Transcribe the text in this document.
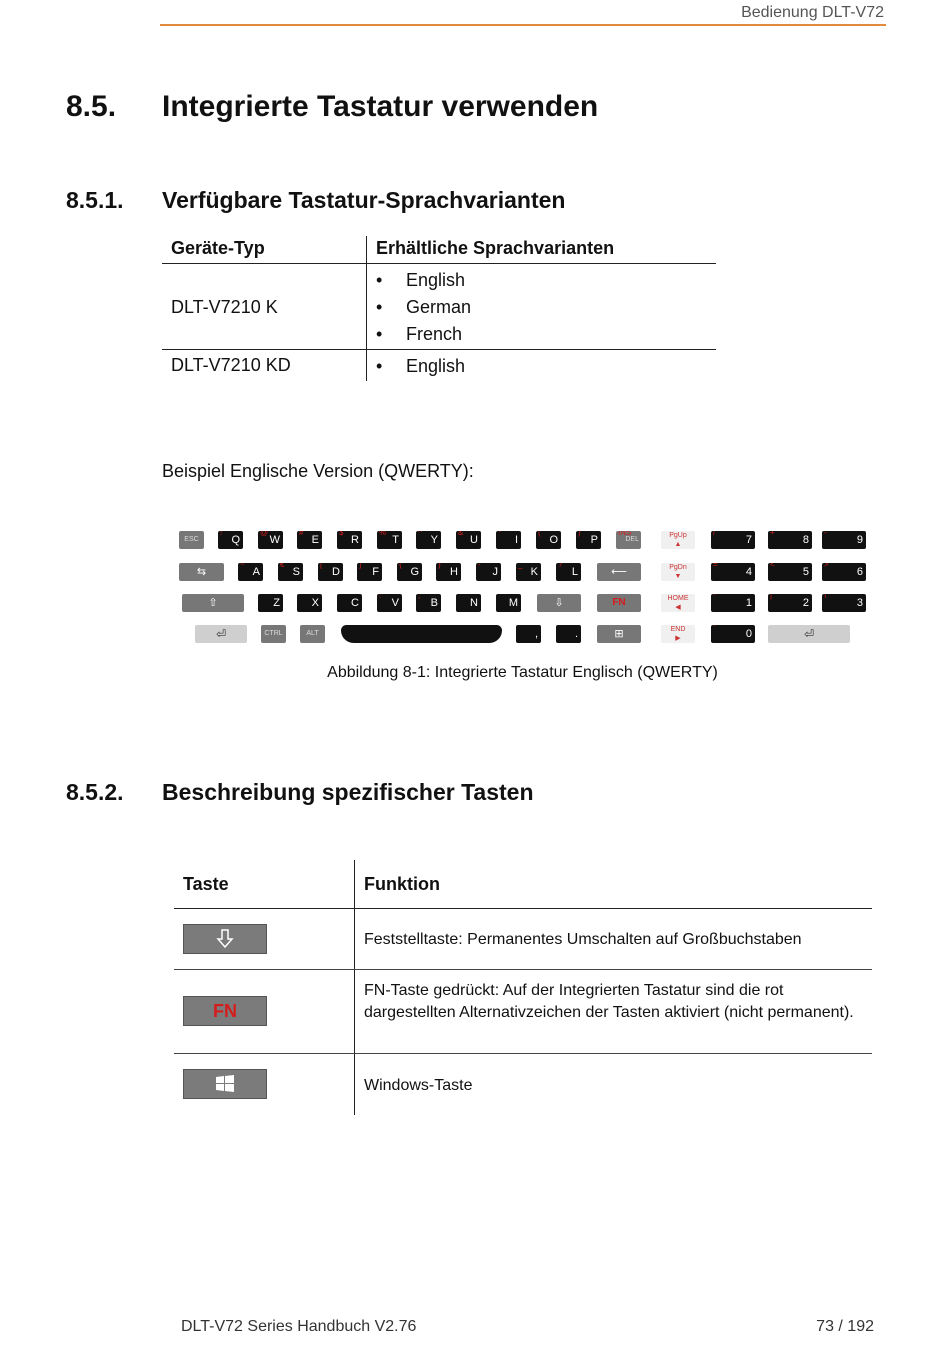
Bedienung DLT-V72
8.5. Integrierte Tastatur verwenden
8.5.1. Verfügbare Tastatur-Sprachvarianten
Geräte-Typ	Erhältliche Sprachvarianten
DLT-V7210 K
• English
• German
• French
DLT-V7210 KD	• English
Beispiel Englische Version (QWERTY):
ESC
!
Q
@
W
#
E
$
R
%
T
^
Y
&
U
*
I
(
O
)
P
INS
DEL
PgUp
▲
/
7
+
8
-
9
⇆
~
A
€
S
[
D
]
F
{
G
}
H
-
J
_
K
?
L	⟵	PgDn
▼
=
4
<
5
>
6
⇧	Z	X	C
:
V
;
B
'
N
"
M	⇩	FN	HOME
◀
*
1
|
2
\
3
⏎	CTRL	ALT	,	.	⊞	END
▶
*
0	⏎
Abbildung 8-1: Integrierte Tastatur Englisch (QWERTY)
8.5.2. Beschreibung spezifischer Tasten
Taste	Funktion
Feststelltaste: Permanentes Umschalten auf Großbuchstaben
FN
FN-Taste gedrückt: Auf der Integrierten Tastatur sind die rot dargestellten Alternativzeichen der Tasten aktiviert (nicht permanent).
Windows-Taste
DLT-V72 Series Handbuch V2.76	73 / 192
